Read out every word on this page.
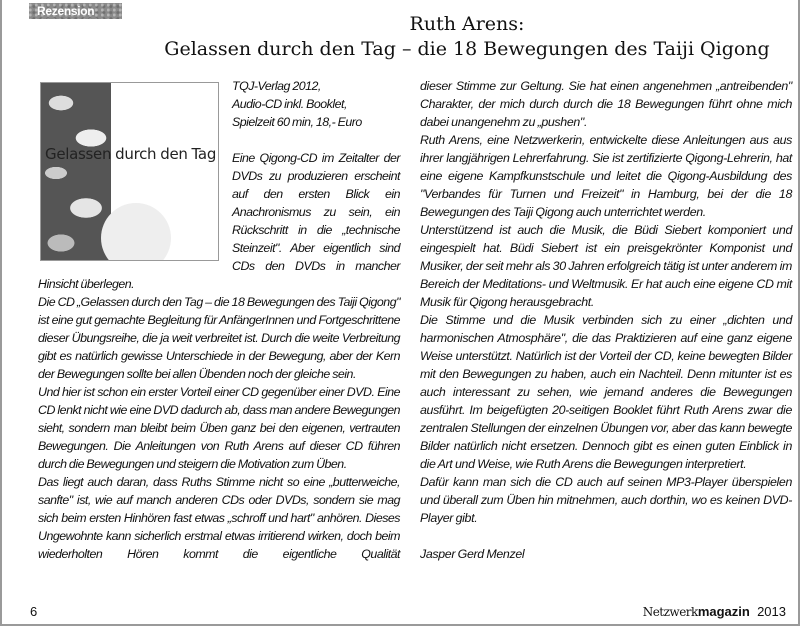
Rezension
Ruth Arens:
Gelassen durch den Tag – die 18 Bewegungen des Taiji Qigong
Gelassen durch den Tag
TQJ-Verlag 2012,
Audio-CD inkl. Booklet,
Spielzeit 60 min, 18,- Euro

Eine Qigong-CD im Zeitalter der DVDs zu produzieren erscheint auf den ersten Blick ein Anachronismus zu sein, ein Rückschritt in die „technische Steinzeit". Aber eigentlich sind CDs den DVDs in mancher Hinsicht überlegen.

Die CD „Gelassen durch den Tag – die 18 Bewegungen des Taiji Qigong" ist eine gut gemachte Begleitung für AnfängerInnen und Fortgeschrittene dieser Übungsreihe, die ja weit verbreitet ist. Durch die weite Verbreitung gibt es natürlich gewisse Unterschiede in der Bewegung, aber der Kern der Bewegungen sollte bei allen Übenden noch der gleiche sein.

Und hier ist schon ein erster Vorteil einer CD gegenüber einer DVD. Eine CD lenkt nicht wie eine DVD dadurch ab, dass man andere Bewegungen sieht, sondern man bleibt beim Üben ganz bei den eigenen, vertrauten Bewegungen. Die Anleitungen von Ruth Arens auf dieser CD führen durch die Bewegungen und steigern die Motivation zum Üben.

Das liegt auch daran, dass Ruths Stimme nicht so eine „butterweiche, sanfte" ist, wie auf manch anderen CDs oder DVDs, sondern sie mag sich beim ersten Hinhören fast etwas „schroff und hart" anhören. Dieses Ungewohnte kann sicherlich erstmal etwas irritierend wirken, doch beim wiederholten Hören kommt die eigentliche Qualität

dieser Stimme zur Geltung. Sie hat einen angenehmen „antreibenden" Charakter, der mich durch durch die 18 Bewegungen führt ohne mich dabei unangenehm zu „pushen".

Ruth Arens, eine Netzwerkerin, entwickelte diese Anleitungen aus aus ihrer langjährigen Lehrerfahrung. Sie ist zertifizierte Qigong-Lehrerin, hat eine eigene Kampfkunstschule und leitet die Qigong-Ausbildung des "Verbandes für Turnen und Freizeit" in Hamburg, bei der die 18 Bewegungen des Taiji Qigong auch unterrichtet werden.

Unterstützend ist auch die Musik, die Büdi Siebert komponiert und eingespielt hat. Büdi Siebert ist ein preisgekrönter Komponist und Musiker, der seit mehr als 30 Jahren erfolgreich tätig ist unter anderem im Bereich der Meditations- und Weltmusik. Er hat auch eine eigene CD mit Musik für Qigong herausgebracht.

Die Stimme und die Musik verbinden sich zu einer „dichten und harmonischen Atmosphäre", die das Praktizieren auf eine ganz eigene Weise unterstützt. Natürlich ist der Vorteil der CD, keine bewegten Bilder mit den Bewegungen zu haben, auch ein Nachteil. Denn mitunter ist es auch interessant zu sehen, wie jemand anderes die Bewegungen ausführt. Im beigefügten 20-seitigen Booklet führt Ruth Arens zwar die zentralen Stellungen der einzelnen Übungen vor, aber das kann bewegte Bilder natürlich nicht ersetzen. Dennoch gibt es einen guten Einblick in die Art und Weise, wie Ruth Arens die Bewegungen interpretiert.

Dafür kann man sich die CD auch auf seinen MP3-Player überspielen und überall zum Üben hin mitnehmen, auch dorthin, wo es keinen DVD-Player gibt.

Jasper Gerd Menzel

6	Netzwerkmagazin 2013
